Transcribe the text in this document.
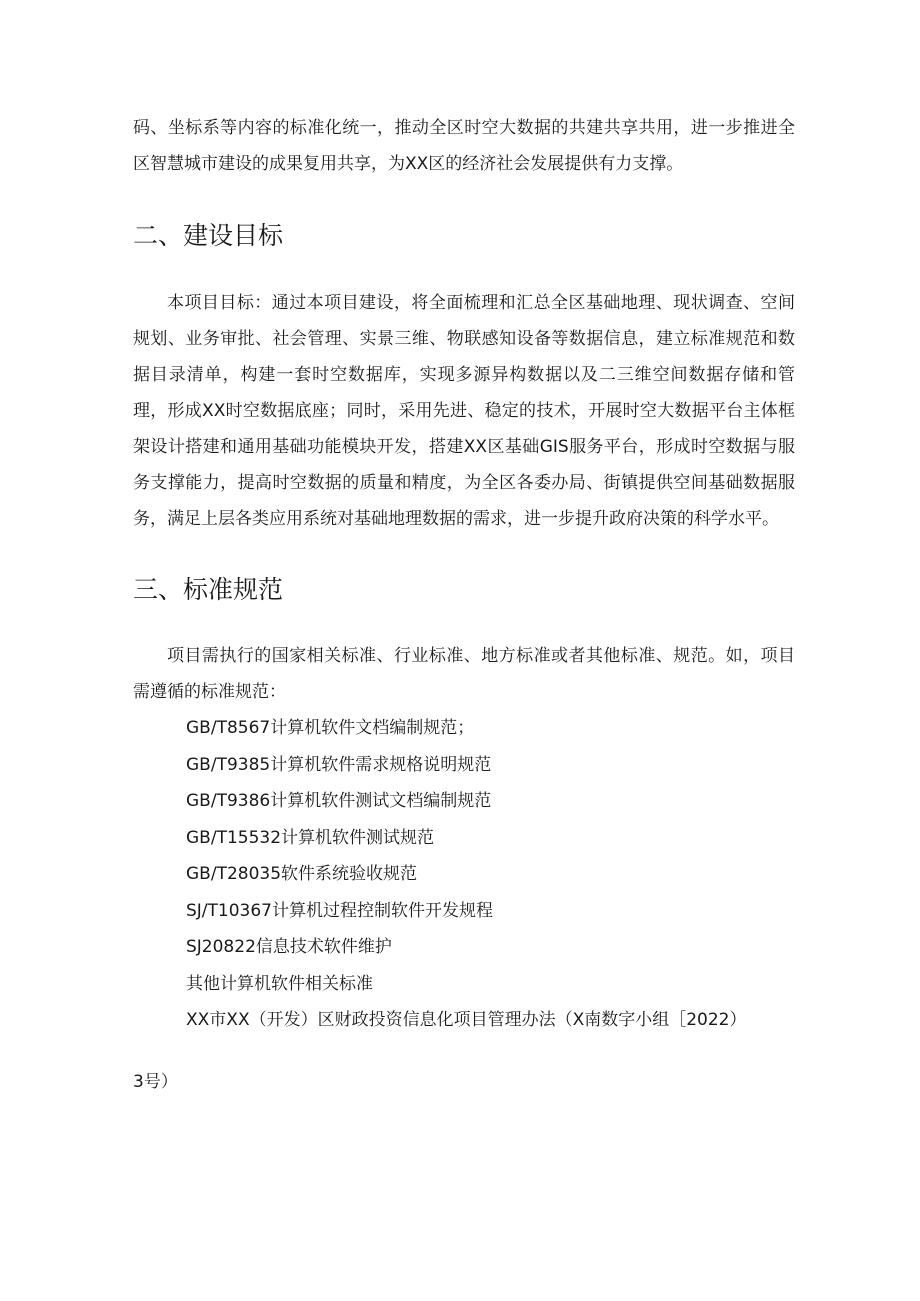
码、坐标系等内容的标准化统一，推动全区时空大数据的共建共享共用，进一步推进全区智慧城市建设的成果复用共享，为XX区的经济社会发展提供有力支撑。

二、建设目标

本项目目标：通过本项目建设，将全面梳理和汇总全区基础地理、现状调查、空间规划、业务审批、社会管理、实景三维、物联感知设备等数据信息，建立标准规范和数据目录清单，构建一套时空数据库，实现多源异构数据以及二三维空间数据存储和管理，形成XX时空数据底座；同时，采用先进、稳定的技术，开展时空大数据平台主体框架设计搭建和通用基础功能模块开发，搭建XX区基础GIS服务平台，形成时空数据与服务支撑能力，提高时空数据的质量和精度，为全区各委办局、街镇提供空间基础数据服务，满足上层各类应用系统对基础地理数据的需求，进一步提升政府决策的科学水平。

三、标准规范

项目需执行的国家相关标准、行业标准、地方标准或者其他标准、规范。如，项目需遵循的标准规范：

GB/T8567计算机软件文档编制规范；
GB/T9385计算机软件需求规格说明规范
GB/T9386计算机软件测试文档编制规范
GB/T15532计算机软件测试规范
GB/T28035软件系统验收规范
SJ/T10367计算机过程控制软件开发规程
SJ20822信息技术软件维护
其他计算机软件相关标准
XX市XX（开发）区财政投资信息化项目管理办法（X南数字小组［2022）

3号）
